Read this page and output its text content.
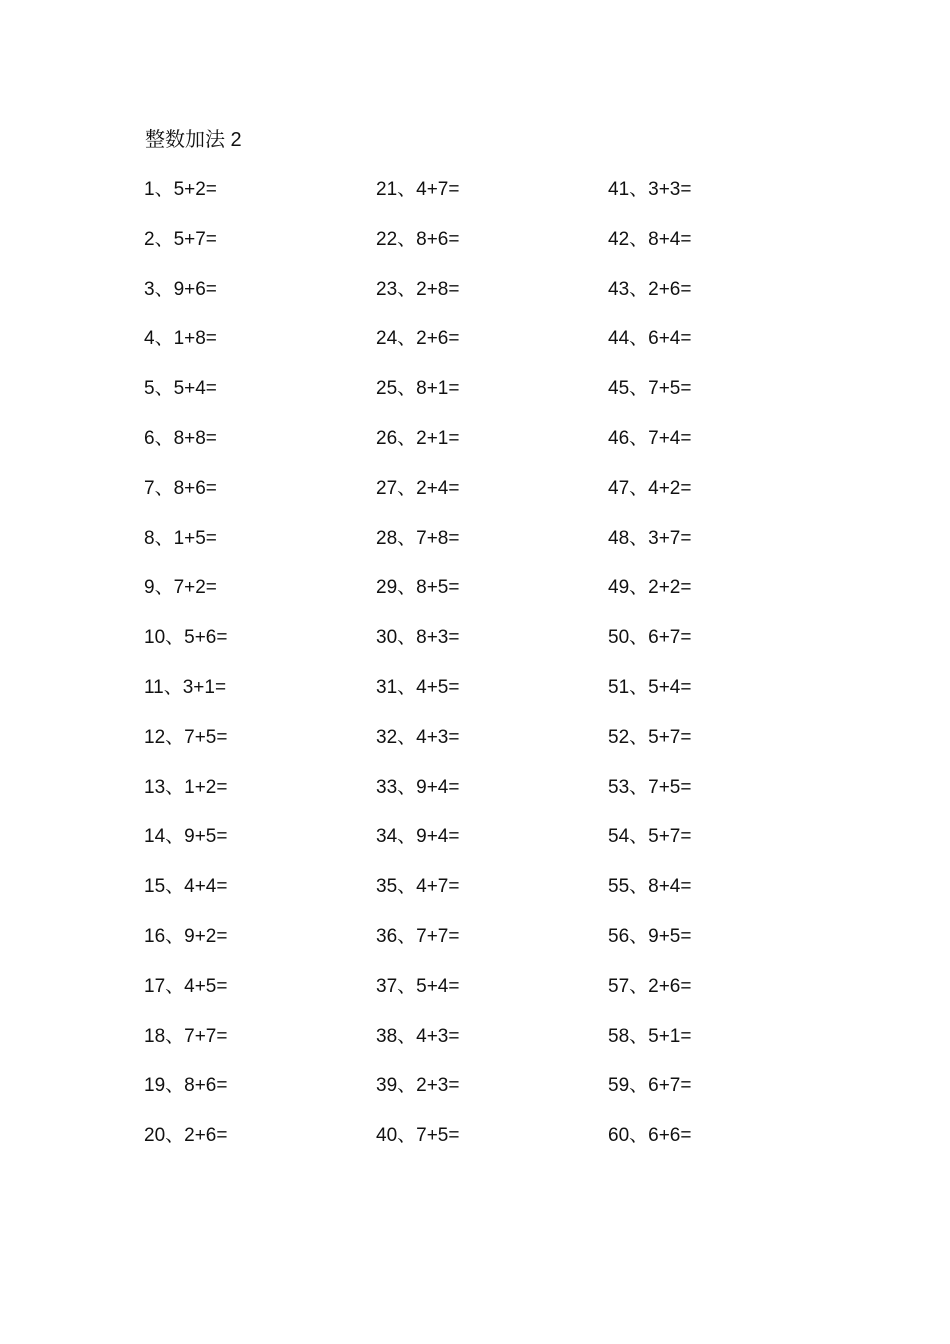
整数加法 2
1、5+2=
2、5+7=
3、9+6=
4、1+8=
5、5+4=
6、8+8=
7、8+6=
8、1+5=
9、7+2=
10、5+6=
11、3+1=
12、7+5=
13、1+2=
14、9+5=
15、4+4=
16、9+2=
17、4+5=
18、7+7=
19、8+6=
20、2+6=
21、4+7=
22、8+6=
23、2+8=
24、2+6=
25、8+1=
26、2+1=
27、2+4=
28、7+8=
29、8+5=
30、8+3=
31、4+5=
32、4+3=
33、9+4=
34、9+4=
35、4+7=
36、7+7=
37、5+4=
38、4+3=
39、2+3=
40、7+5=
41、3+3=
42、8+4=
43、2+6=
44、6+4=
45、7+5=
46、7+4=
47、4+2=
48、3+7=
49、2+2=
50、6+7=
51、5+4=
52、5+7=
53、7+5=
54、5+7=
55、8+4=
56、9+5=
57、2+6=
58、5+1=
59、6+7=
60、6+6=
